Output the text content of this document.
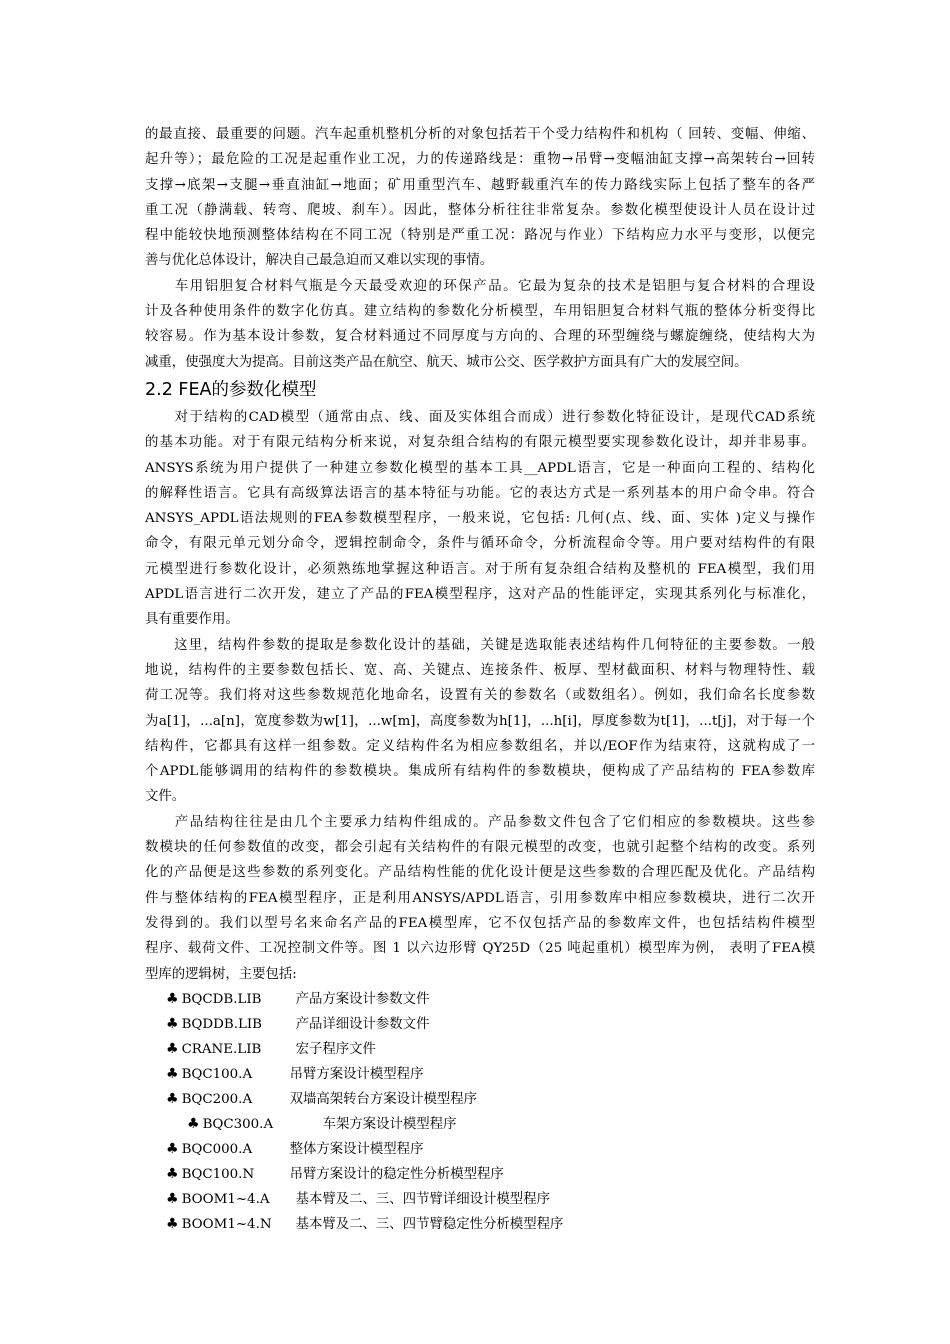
的最直接、最重要的问题。汽车起重机整机分析的对象包括若干个受力结构件和机构（ 回转、变幅、伸缩、
起升等）；最危险的工况是起重作业工况，力的传递路线是：重物→吊臂→变幅油缸支撑→高架转台→回转
支撑→底架→支腿→垂直油缸→地面；矿用重型汽车、越野载重汽车的传力路线实际上包括了整车的各严
重工况（静满载、转弯、爬坡、刹车）。因此，整体分析往往非常复杂。参数化模型使设计人员在设计过
程中能较快地预测整体结构在不同工况（特别是严重工况：路况与作业）下结构应力水平与变形，以便完
善与优化总体设计，解决自己最急迫而又难以实现的事情。
　　车用铝胆复合材料气瓶是今天最受欢迎的环保产品。它最为复杂的技术是铝胆与复合材料的合理设
计及各种使用条件的数字化仿真。建立结构的参数化分析模型，车用铝胆复合材料气瓶的整体分析变得比
较容易。作为基本设计参数，复合材料通过不同厚度与方向的、合理的环型缠绕与螺旋缠绕，使结构大为
减重，使强度大为提高。目前这类产品在航空、航天、城市公交、医学救护方面具有广大的发展空间。
2.2 FEA的参数化模型
　　对于结构的CAD模型（通常由点、线、面及实体组合而成）进行参数化特征设计，是现代CAD系统
的基本功能。对于有限元结构分析来说，对复杂组合结构的有限元模型要实现参数化设计，却并非易事。
ANSYS系统为用户提供了一种建立参数化模型的基本工具__APDL语言，它是一种面向工程的、结构化
的解释性语言。它具有高级算法语言的基本特征与功能。它的表达方式是一系列基本的用户命令串。符合
ANSYS_APDL语法规则的FEA参数模型程序，一般来说，它包括: 几何(点、线、面、实体 )定义与操作
命令，有限元单元划分命令，逻辑控制命令，条件与循环命令，分析流程命令等。用户要对结构件的有限
元模型进行参数化设计，必须熟练地掌握这种语言。对于所有复杂组合结构及整机的 FEA模型，我们用
APDL语言进行二次开发，建立了产品的FEA模型程序，这对产品的性能评定，实现其系列化与标准化，
具有重要作用。
　　这里，结构件参数的提取是参数化设计的基础，关键是选取能表述结构件几何特征的主要参数。一般
地说，结构件的主要参数包括长、宽、高、关键点、连接条件、板厚、型材截面积、材料与物理特性、载
荷工况等。我们将对这些参数规范化地命名，设置有关的参数名（或数组名）。例如，我们命名长度参数
为a[1]，...a[n]，宽度参数为w[1]，...w[m]，高度参数为h[1]，...h[i]，厚度参数为t[1]，...t[j]，对于每一个
结构件，它都具有这样一组参数。定义结构件名为相应参数组名，并以/EOF作为结束符，这就构成了一
个APDL能够调用的结构件的参数模块。集成所有结构件的参数模块，便构成了产品结构的 FEA参数库
文件。
　　产品结构往往是由几个主要承力结构件组成的。产品参数文件包含了它们相应的参数模块。这些参
数模块的任何参数值的改变，都会引起有关结构件的有限元模型的改变，也就引起整个结构的改变。系列
化的产品便是这些参数的系列变化。产品结构性能的优化设计便是这些参数的合理匹配及优化。产品结构
件与整体结构的FEA模型程序，正是利用ANSYS/APDL语言，引用参数库中相应参数模块，进行二次开
发得到的。我们以型号名来命名产品的FEA模型库，它不仅包括产品的参数库文件，也包括结构件模型
程序、载荷文件、工况控制文件等。图 1 以六边形臂 QY25D（25 吨起重机）模型库为例， 表明了FEA模
型库的逻辑树，主要包括:
♣ BQCDB.LIB	产品方案设计参数文件
♣ BQDDB.LIB	产品详细设计参数文件
♣ CRANE.LIB	宏子程序文件
♣ BQC100.A	吊臂方案设计模型程序
♣ BQC200.A	双墙高架转台方案设计模型程序
♣ BQC300.A	车架方案设计模型程序
♣ BQC000.A	整体方案设计模型程序
♣ BQC100.N	吊臂方案设计的稳定性分析模型程序
♣ BOOM1~4.A	基本臂及二、三、四节臂详细设计模型程序
♣ BOOM1~4.N	基本臂及二、三、四节臂稳定性分析模型程序
